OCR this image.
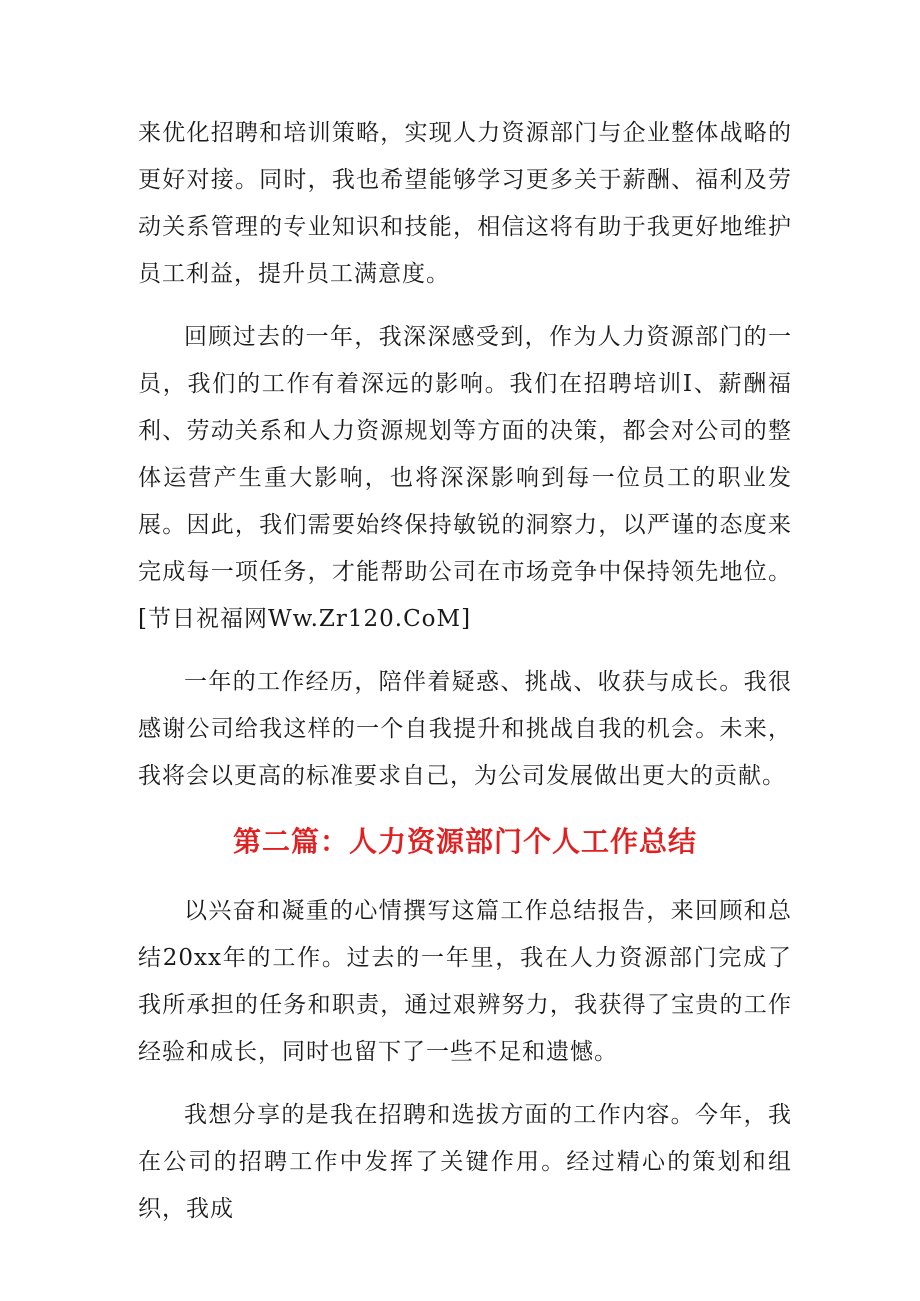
来优化招聘和培训策略，实现人力资源部门与企业整体战略的更好对接。同时，我也希望能够学习更多关于薪酬、福利及劳动关系管理的专业知识和技能，相信这将有助于我更好地维护员工利益，提升员工满意度。

回顾过去的一年，我深深感受到，作为人力资源部门的一员，我们的工作有着深远的影响。我们在招聘培训I、薪酬福利、劳动关系和人力资源规划等方面的决策，都会对公司的整体运营产生重大影响，也将深深影响到每一位员工的职业发展。因此，我们需要始终保持敏锐的洞察力，以严谨的态度来完成每一项任务，才能帮助公司在市场竞争中保持领先地位。[节日祝福网Ww.Zr120.CoM]

一年的工作经历，陪伴着疑惑、挑战、收获与成长。我很感谢公司给我这样的一个自我提升和挑战自我的机会。未来，我将会以更高的标准要求自己，为公司发展做出更大的贡献。

第二篇：人力资源部门个人工作总结

以兴奋和凝重的心情撰写这篇工作总结报告，来回顾和总结20xx年的工作。过去的一年里，我在人力资源部门完成了我所承担的任务和职责，通过艰辨努力，我获得了宝贵的工作经验和成长，同时也留下了一些不足和遗憾。

我想分享的是我在招聘和选拔方面的工作内容。今年，我在公司的招聘工作中发挥了关键作用。经过精心的策划和组织，我成
